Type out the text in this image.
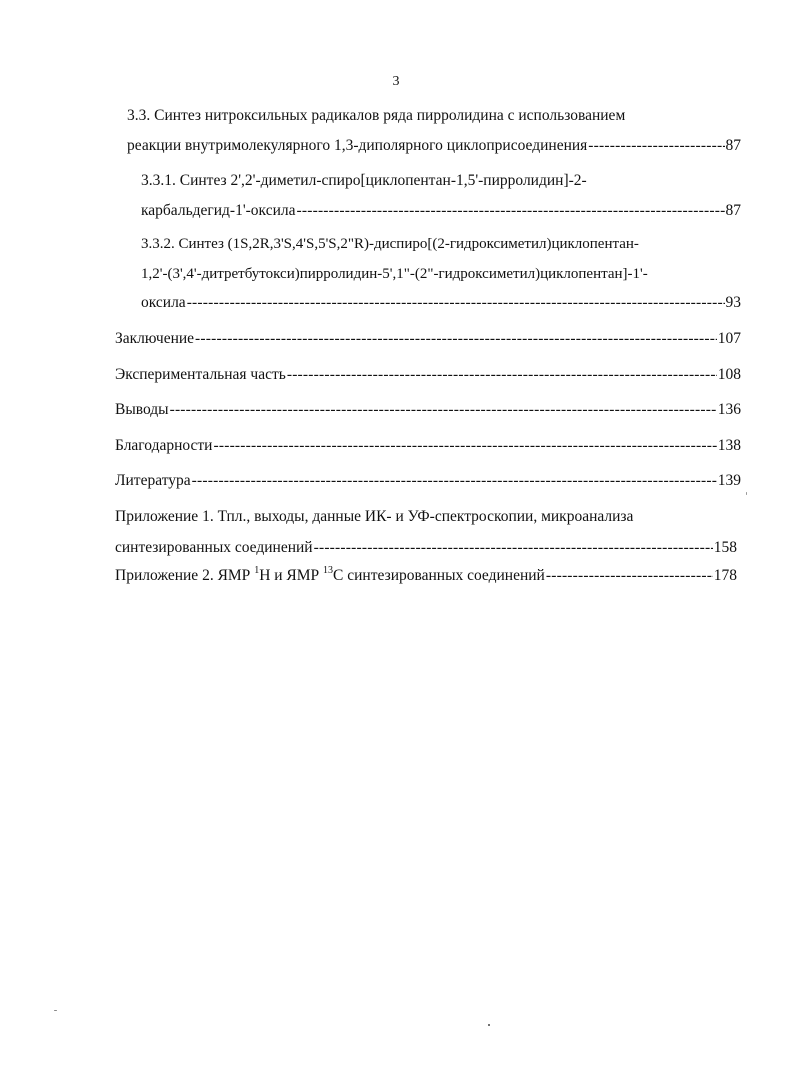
3
3.3. Синтез нитроксильных радикалов ряда пирролидина с использованием
реакции внутримолекулярного 1,3-диполярного циклоприсоединения -----	87
3.3.1. Синтез 2',2'-диметил-спиро[циклопентан-1,5'-пирролидин]-2-
карбальдегид-1'-оксила -----	87
3.3.2. Синтез (1S,2R,3'S,4'S,5'S,2"R)-диспиро[(2-гидроксиметил)циклопентан-
1,2'-(3',4'-дитретбутокси)пирролидин-5',1"-(2"-гидроксиметил)циклопентан]-1'-
оксила -----	93
Заключение -----	107
Экспериментальная часть -----	108
Выводы -----	136
Благодарности -----	138
Литература -----	139
Приложение 1. Тпл., выходы, данные ИК- и УФ-спектроскопии, микроанализа
синтезированных соединений -----	158
Приложение 2. ЯМР $^1$Н и ЯМР $^{13}$С синтезированных соединений -----	178
